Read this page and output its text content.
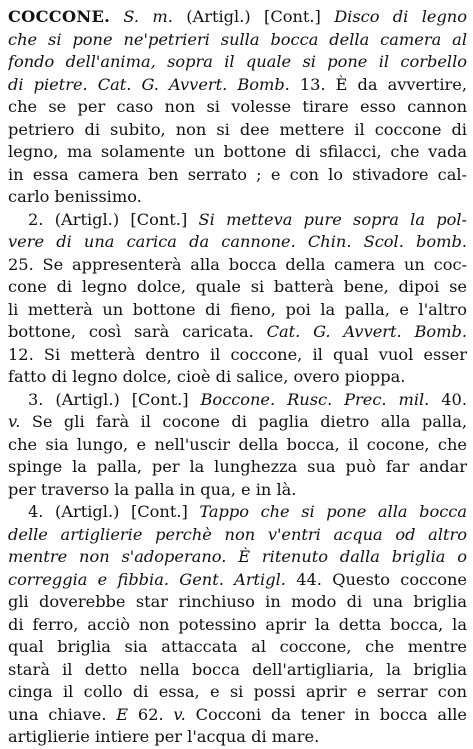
COCCONE. S. m. (Artigl.) [Cont.] Disco di legno
che si pone ne'petrieri sulla bocca della camera al
fondo dell'anima, sopra il quale si pone il corbello
di pietre. Cat. G. Avvert. Bomb. 13. È da avvertire,
che se per caso non si volesse tirare esso cannon
petriero di subito, non si dee mettere il coccone di
legno, ma solamente un bottone di sfilacci, che vada
in essa camera ben serrato ; e con lo stivadore cal-
carlo benissimo.
2. (Artigl.) [Cont.] Si metteva pure sopra la pol-
vere di una carica da cannone. Chin. Scol. bomb.
25. Se appresenterà alla bocca della camera un coc-
cone di legno dolce, quale si batterà bene, dipoi se
li metterà un bottone di fieno, poi la palla, e l'altro
bottone, così sarà caricata. Cat. G. Avvert. Bomb.
12. Si metterà dentro il coccone, il qual vuol esser
fatto di legno dolce, cioè di salice, overo pioppa.
3. (Artigl.) [Cont.] Boccone. Rusc. Prec. mil. 40.
v. Se gli farà il cocone di paglia dietro alla palla,
che sia lungo, e nell'uscir della bocca, il cocone, che
spinge la palla, per la lunghezza sua può far andar
per traverso la palla in qua, e in là.
4. (Artigl.) [Cont.] Tappo che si pone alla bocca
delle artiglierie perchè non v'entri acqua od altro
mentre non s'adoperano. È ritenuto dalla briglia o
correggia e fibbia. Gent. Artigl. 44. Questo coccone
gli doverebbe star rinchiuso in modo di una briglia
di ferro, acciò non potessino aprir la detta bocca, la
qual briglia sia attaccata al coccone, che mentre
starà il detto nella bocca dell'artigliaria, la briglia
cinga il collo di essa, e si possi aprir e serrar con
una chiave. E 62. v. Cocconi da tener in bocca alle
artiglierie intiere per l'acqua di mare.
